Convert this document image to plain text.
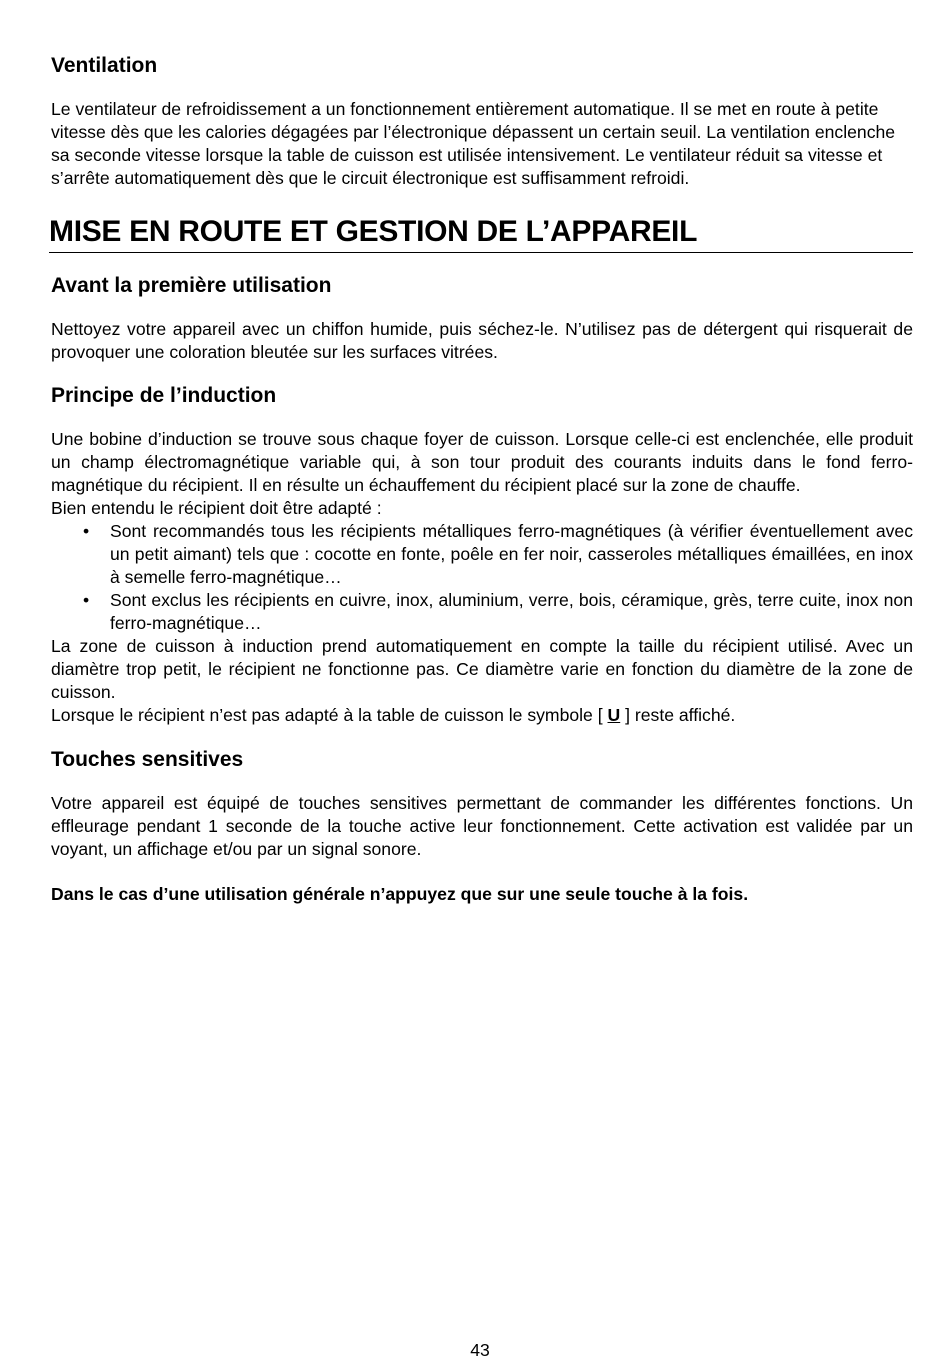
Ventilation

Le ventilateur de refroidissement a un fonctionnement entièrement automatique. Il se met en route à petite vitesse dès que les calories dégagées par l’électronique dépassent un certain seuil. La ventilation enclenche sa seconde vitesse lorsque la table de cuisson est utilisée intensivement. Le ventilateur réduit sa vitesse et s’arrête automatiquement dès que le circuit électronique est suffisamment refroidi.

MISE EN ROUTE ET GESTION DE L’APPAREIL
Avant la première utilisation

Nettoyez votre appareil avec un chiffon humide, puis séchez-le. N’utilisez pas de détergent qui risquerait de provoquer une coloration bleutée sur les surfaces vitrées.

Principe de l’induction

Une bobine d’induction se trouve sous chaque foyer de cuisson. Lorsque celle-ci est enclenchée, elle produit un champ électromagnétique variable qui, à son tour produit des courants induits dans le fond ferro-magnétique du récipient. Il en résulte un échauffement du récipient placé sur la zone de chauffe.

Bien entendu le récipient doit être adapté :

• Sont recommandés tous les récipients métalliques ferro-magnétiques (à vérifier éventuellement avec un petit aimant) tels que : cocotte en fonte, poêle en fer noir, casseroles métalliques émaillées, en inox à semelle ferro-magnétique…
• Sont exclus les récipients en cuivre, inox, aluminium, verre, bois, céramique, grès, terre cuite, inox non ferro-magnétique…

La zone de cuisson à induction prend automatiquement en compte la taille du récipient utilisé. Avec un diamètre trop petit, le récipient ne fonctionne pas. Ce diamètre varie en fonction du diamètre de la zone de cuisson.

Lorsque le récipient n’est pas adapté à la table de cuisson le symbole [ U ] reste affiché.

Touches sensitives

Votre appareil est équipé de touches sensitives permettant de commander les différentes fonctions. Un effleurage pendant 1 seconde de la touche active leur fonctionnement. Cette activation est validée par un voyant, un affichage et/ou par un signal sonore.

Dans le cas d’une utilisation générale n’appuyez que sur une seule touche à la fois.

43
